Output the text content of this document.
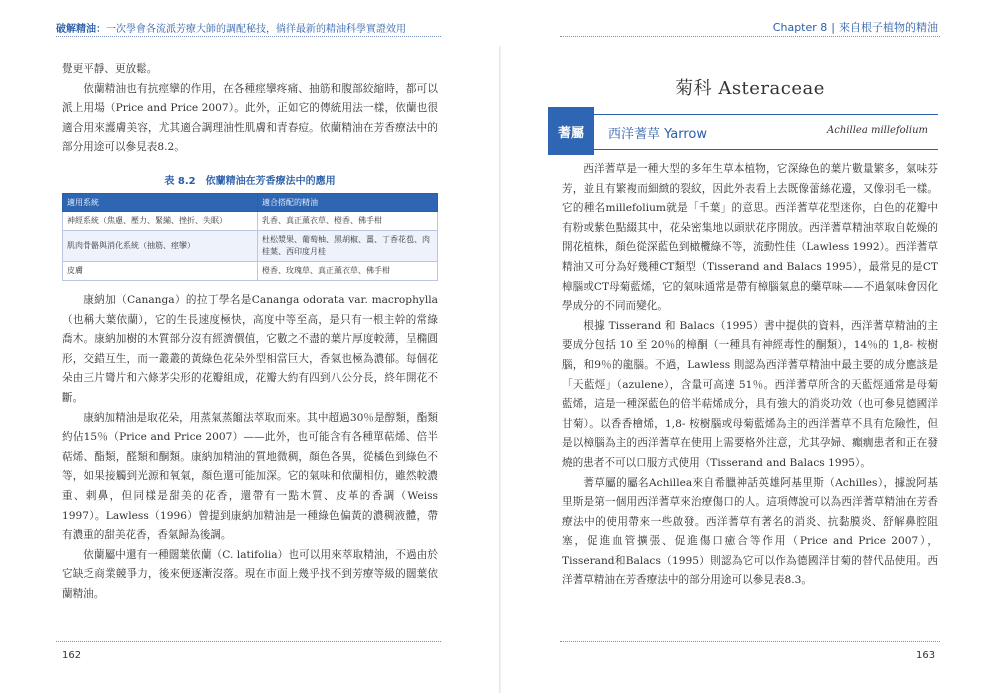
破解精油：一次學會各流派芳療大師的調配秘技，徜徉最新的精油科學實證效用	Chapter 8 | 來自根子植物的精油

覺更平靜、更放鬆。

依蘭精油也有抗痙攣的作用，在各種痙攣疼痛、抽筋和腹部絞縮時，都可以派上用場（Price and Price 2007）。此外，正如它的傳統用法一樣，依蘭也很適合用來護膚美容，尤其適合調理油性肌膚和青春痘。依蘭精油在芳香療法中的部分用途可以參見表8.2。

表 8.2　依蘭精油在芳香療法中的應用
適用系統	適合搭配的精油
神經系統（焦慮、壓力、緊繃、挫折、失眠）	乳香、真正薰衣草、橙香、佛手柑
肌肉骨骼與消化系統（抽筋、痙攣）	杜松漿果、葡萄柚、黑胡椒、薑、丁香花苞、肉桂葉、西印度月桂
皮膚	橙香、玫瑰草、真正薰衣草、佛手柑

康納加（Cananga）的拉丁學名是Cananga odorata var. macrophylla（也稱大葉依蘭），它的生長速度極快，高度中等至高，是只有一根主幹的常綠喬木。康納加樹的木質部分沒有經濟價值，它數之不盡的葉片厚度較薄，呈橢圓形，交錯互生，而一叢叢的黃綠色花朵外型相當巨大，香氣也極為濃郁。每個花朵由三片彎片和六條茅尖形的花瓣組成，花瓣大約有四到八公分長，終年開花不斷。

康納加精油是取花朵，用蒸氣蒸餾法萃取而來。其中超過30％是醇類，酯類約佔15％（Price and Price 2007）——此外，也可能含有各種單萜烯、倍半萜烯、酯類，醛類和酮類。康納加精油的質地微稠，顏色各異，從橘色到綠色不等，如果接觸到光源和氧氣，顏色還可能加深。它的氣味和依蘭相仿，雖然較濃重、剌鼻，但同樣是甜美的花香，還帶有一點木質、皮革的香調（Weiss 1997）。Lawless（1996）曾提到康納加精油是一種綠色偏黃的濃稠液體，帶有濃重的甜美花香，香氣歸為後調。

依蘭屬中還有一種闊葉依蘭（C. latifolia）也可以用來萃取精油，不過由於它缺乏商業競爭力，後來便逐漸沒落。現在市面上幾乎找不到芳療等級的闊葉依蘭精油。

菊科 Asteraceae
蓍屬	西洋蓍草 Yarrow	Achillea millefolium

西洋蓍草是一種大型的多年生草本植物，它深綠色的葉片數量繁多，氣味芬芳，並且有繁複而細緻的裂紋，因此外表看上去既像蕾絲花邊，又像羽毛一樣。它的種名millefolium就是「千葉」的意思。西洋蓍草花型迷你，白色的花瓣中有粉或紫色點綴其中，花朵密集地以頭狀花序開放。西洋蓍草精油萃取自乾燥的開花植株，顏色從深藍色到橄欖綠不等，流動性佳（Lawless 1992）。西洋蓍草精油又可分為好幾種CT類型（Tisserand and Balacs 1995），最常見的是CT樟腦或CT母菊藍烯，它的氣味通常是帶有樟腦氣息的藥草味——不過氣味會因化學成分的不同而變化。

根據 Tisserand 和 Balacs（1995）書中提供的資料，西洋蓍草精油的主要成分包括 10 至 20％的樟酮（一種具有神經毒性的酮類），14％的 1,8- 桉樹腦，和9％的龍腦。不過，Lawless 則認為西洋蓍草精油中最主要的成分應該是「天藍烴」（azulene），含量可高達 51％。西洋蓍草所含的天藍烴通常是母菊藍烯，這是一種深藍色的倍半萜烯成分，具有強大的消炎功效（也可參見德國洋甘菊）。以香香檜烯，1,8- 桉樹腦或母菊藍烯為主的西洋蓍草不具有危險性，但是以樟腦為主的西洋蓍草在使用上需要格外注意，尤其孕婦、癲癇患者和正在發燒的患者不可以口服方式使用（Tisserand and Balacs 1995）。

蓍草屬的屬名Achillea來自希臘神話英雄阿基里斯（Achilles），據說阿基里斯是第一個用西洋蓍草來治療傷口的人。這項傳說可以為西洋蓍草精油在芳香療法中的使用帶來一些啟發。西洋蓍草有著名的消炎、抗黏膜炎、舒解鼻腔阻塞，促進血管擴張、促進傷口癒合等作用（Price and Price 2007），Tisserand和Balacs（1995）則認為它可以作為德國洋甘菊的替代品使用。西洋蓍草精油在芳香療法中的部分用途可以參見表8.3。

162	163
